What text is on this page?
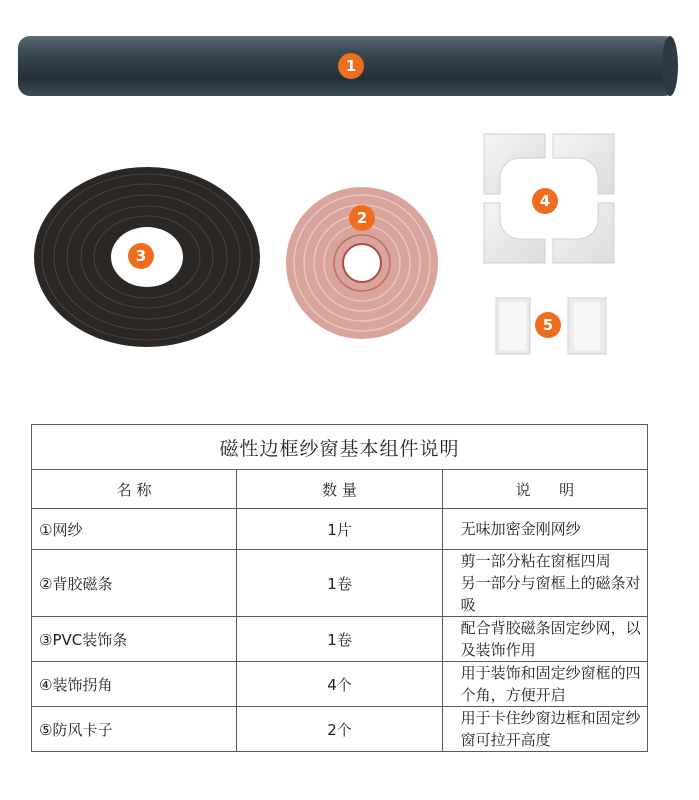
1
2
3
4
5
磁性边框纱窗基本组件说明		
名 称	数 量	说      明
①网纱	1片	无味加密金刚网纱

②背胶磁条	1卷	剪一部分粘在窗框四周
另一部分与窗框上的磁条对吸

③PVC装饰条	1卷	配合背胶磁条固定纱网，以及装饰作用

④装饰拐角	4个	用于装饰和固定纱窗框的四个角，方便开启

⑤防风卡子	2个	用于卡住纱窗边框和固定纱窗可拉开高度
